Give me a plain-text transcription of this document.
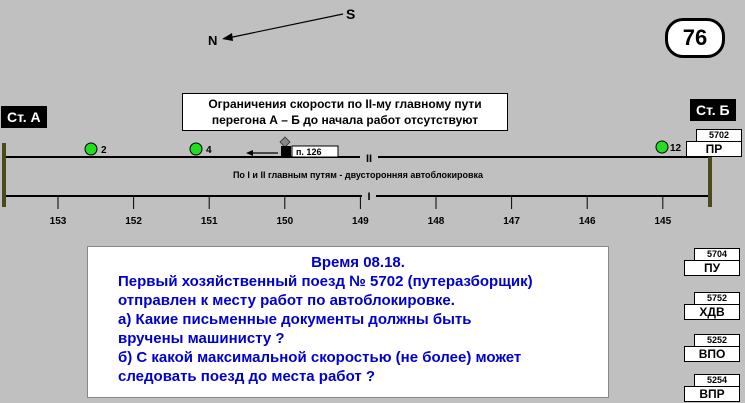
S
N
II
I
По I и II главным путям - двусторонняя автоблокировка
2	4	12
п. 126
153	152	151	150	149	148	147	146	145
76
Ст. А	Ст. Б
Ограничения скорости по II-му главному пути
перегона А – Б до начала работ отсутствуют
5702
ПР
5704
ПУ
5752
ХДВ
5252
ВПО
5254
ВПР
Время 08.18.
Первый хозяйственный поезд № 5702 (путеразборщик)
отправлен к месту работ по автоблокировке.
а) Какие письменные документы должны быть
вручены машинисту ?
б) С какой максимальной скоростью (не более) может
следовать поезд до места работ ?
